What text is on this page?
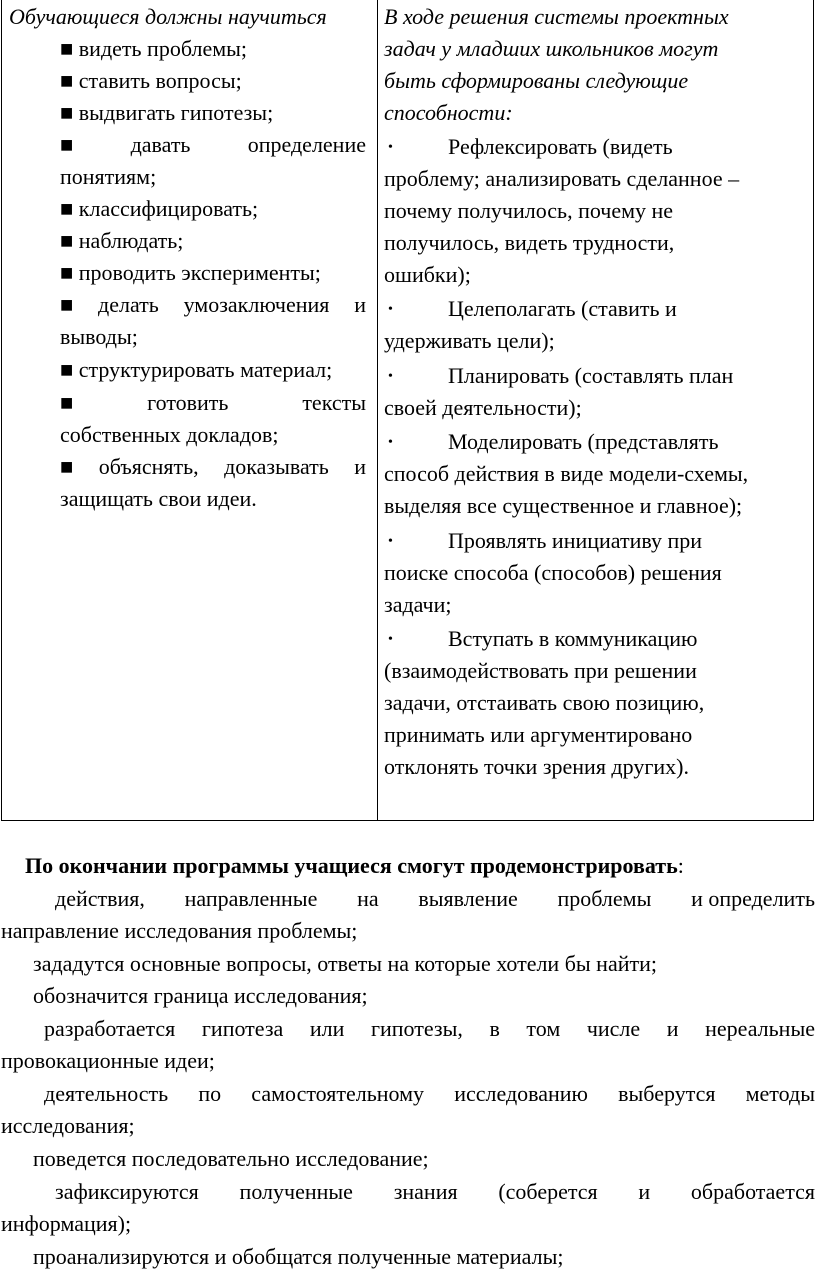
Обучающиеся должны научиться
■ видеть проблемы;
■ ставить вопросы;
■ выдвигать гипотезы;
■	давать	определение
понятиям;
■ классифицировать;
■ наблюдать;
■ проводить эксперименты;
■ делать умозаключения и
выводы;
■ структурировать материал;
■	готовить	тексты
собственных докладов;
■ объяснять, доказывать и
защищать свои идеи.
В ходе решения системы проектных
задач у младших школьников могут
быть сформированы следующие
способности:
•	Рефлексировать (видеть
проблему; анализировать сделанное –
почему получилось, почему не
получилось, видеть трудности,
ошибки);
•	Целеполагать (ставить и
удерживать цели);
•	Планировать (составлять план
своей деятельности);
•	Моделировать (представлять
способ действия в виде модели-схемы,
выделяя все существенное и главное);
•	Проявлять инициативу при
поиске способа (способов) решения
задачи;
•	Вступать в коммуникацию
(взаимодействовать при решении
задачи, отстаивать свою позицию,
принимать или аргументировано
отклонять точки зрения других).
По окончании программы учащиеся смогут продемонстрировать:
действия, направленные на выявление проблемы и определить
направление исследования проблемы;
зададутся основные вопросы, ответы на которые хотели бы найти;
обозначится граница исследования;
разработается гипотеза или гипотезы, в том числе и нереальные
провокационные идеи;
деятельность по самостоятельному исследованию выберутся методы
исследования;
поведется последовательно исследование;
зафиксируются полученные знания (соберется и обработается
информация);
проанализируются и обобщатся полученные материалы;
